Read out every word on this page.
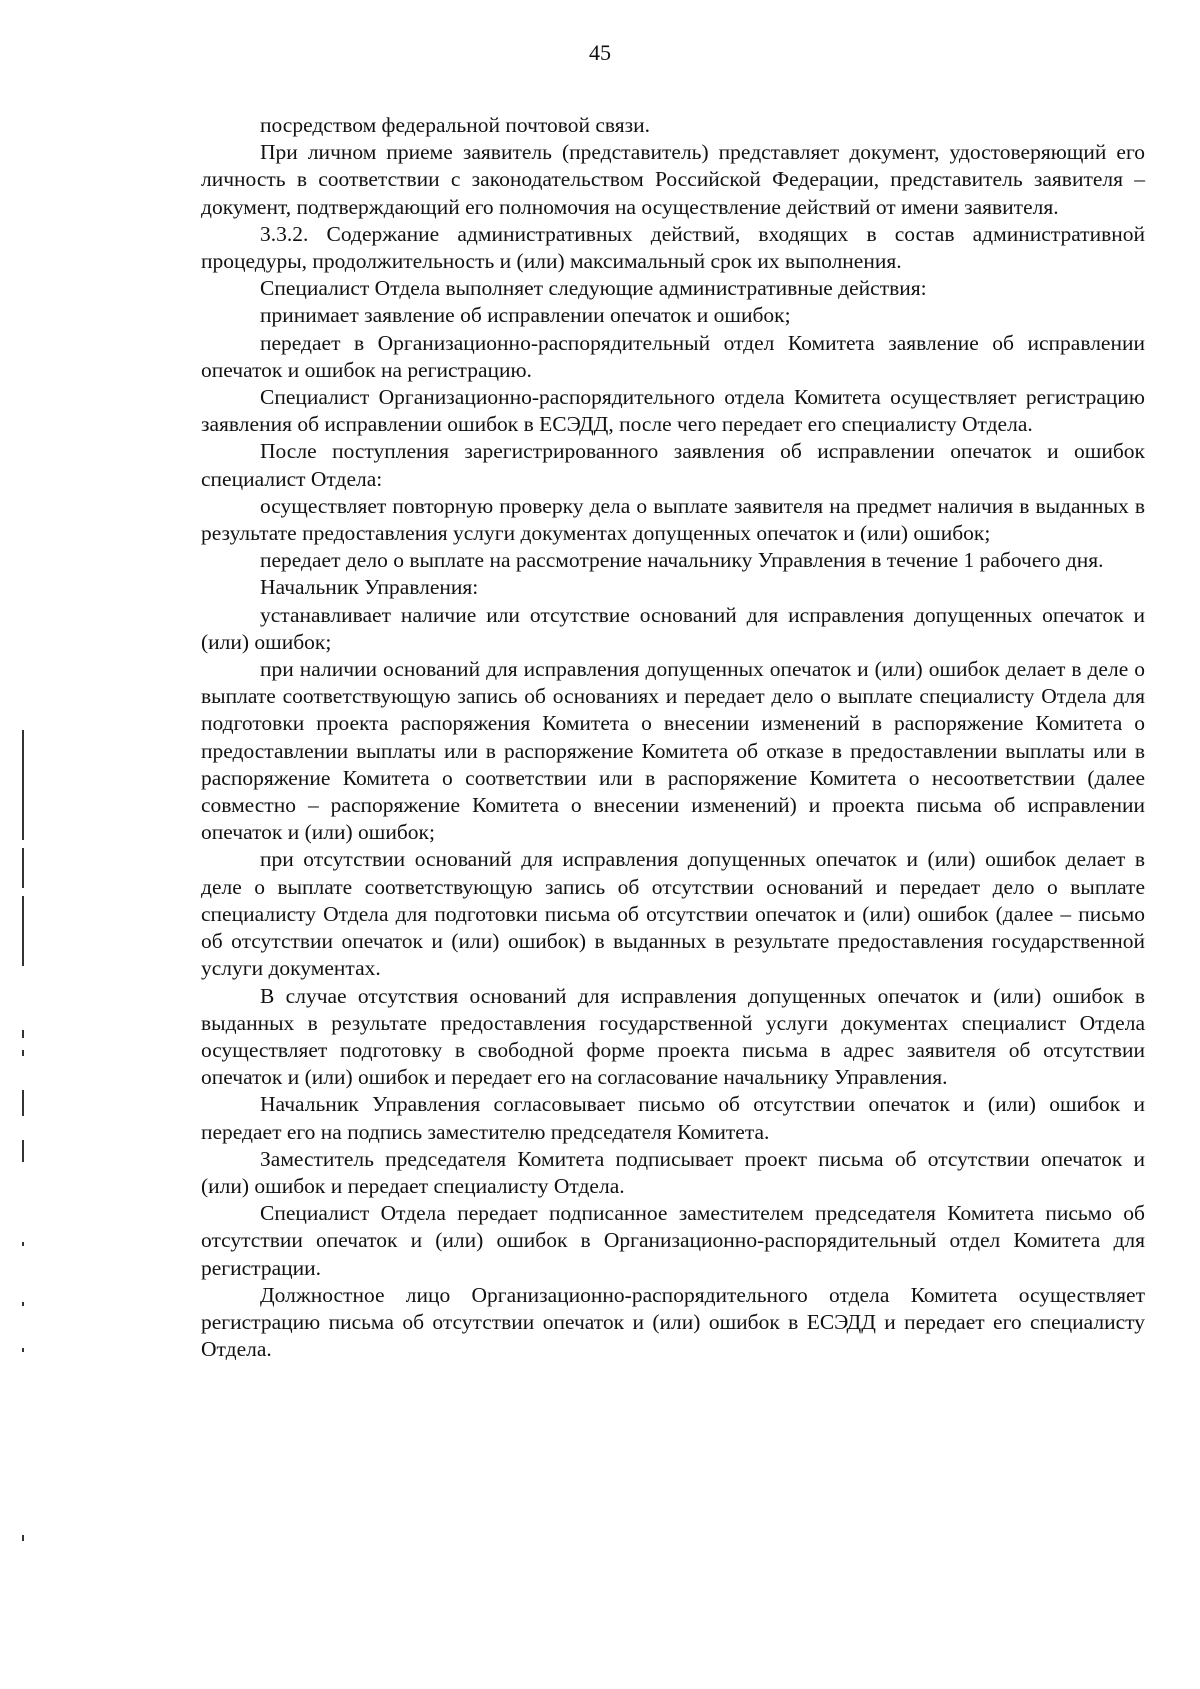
45

посредством федеральной почтовой связи.

При личном приеме заявитель (представитель) представляет документ, удостоверяющий его личность в соответствии с законодательством Российской Федерации, представитель заявителя – документ, подтверждающий его полномочия на осуществление действий от имени заявителя.

3.3.2. Содержание административных действий, входящих в состав административной процедуры, продолжительность и (или) максимальный срок их выполнения.

Специалист Отдела выполняет следующие административные действия:

принимает заявление об исправлении опечаток и ошибок;

передает в Организационно-распорядительный отдел Комитета заявление об исправлении опечаток и ошибок на регистрацию.

Специалист Организационно-распорядительного отдела Комитета осуществляет регистрацию заявления об исправлении ошибок в ЕСЭДД, после чего передает его специалисту Отдела.

После поступления зарегистрированного заявления об исправлении опечаток и ошибок специалист Отдела:

осуществляет повторную проверку дела о выплате заявителя на предмет наличия в выданных в результате предоставления услуги документах допущенных опечаток и (или) ошибок;

передает дело о выплате на рассмотрение начальнику Управления в течение 1 рабочего дня.

Начальник Управления:

устанавливает наличие или отсутствие оснований для исправления допущенных опечаток и (или) ошибок;

при наличии оснований для исправления допущенных опечаток и (или) ошибок делает в деле о выплате соответствующую запись об основаниях и передает дело о выплате специалисту Отдела для подготовки проекта распоряжения Комитета о внесении изменений в распоряжение Комитета о предоставлении выплаты или в распоряжение Комитета об отказе в предоставлении выплаты или в распоряжение Комитета о соответствии или в распоряжение Комитета о несоответствии (далее совместно – распоряжение Комитета о внесении изменений) и проекта письма об исправлении опечаток и (или) ошибок;

при отсутствии оснований для исправления допущенных опечаток и (или) ошибок делает в деле о выплате соответствующую запись об отсутствии оснований и передает дело о выплате специалисту Отдела для подготовки письма об отсутствии опечаток и (или) ошибок (далее – письмо об отсутствии опечаток и (или) ошибок) в выданных в результате предоставления государственной услуги документах.

В случае отсутствия оснований для исправления допущенных опечаток и (или) ошибок в выданных в результате предоставления государственной услуги документах специалист Отдела осуществляет подготовку в свободной форме проекта письма в адрес заявителя об отсутствии опечаток и (или) ошибок и передает его на согласование начальнику Управления.

Начальник Управления согласовывает письмо об отсутствии опечаток и (или) ошибок и передает его на подпись заместителю председателя Комитета.

Заместитель председателя Комитета подписывает проект письма об отсутствии опечаток и (или) ошибок и передает специалисту Отдела.

Специалист Отдела передает подписанное заместителем председателя Комитета письмо об отсутствии опечаток и (или) ошибок в Организационно-распорядительный отдел Комитета для регистрации.

Должностное лицо Организационно-распорядительного отдела Комитета осуществляет регистрацию письма об отсутствии опечаток и (или) ошибок в ЕСЭДД и передает его специалисту Отдела.
